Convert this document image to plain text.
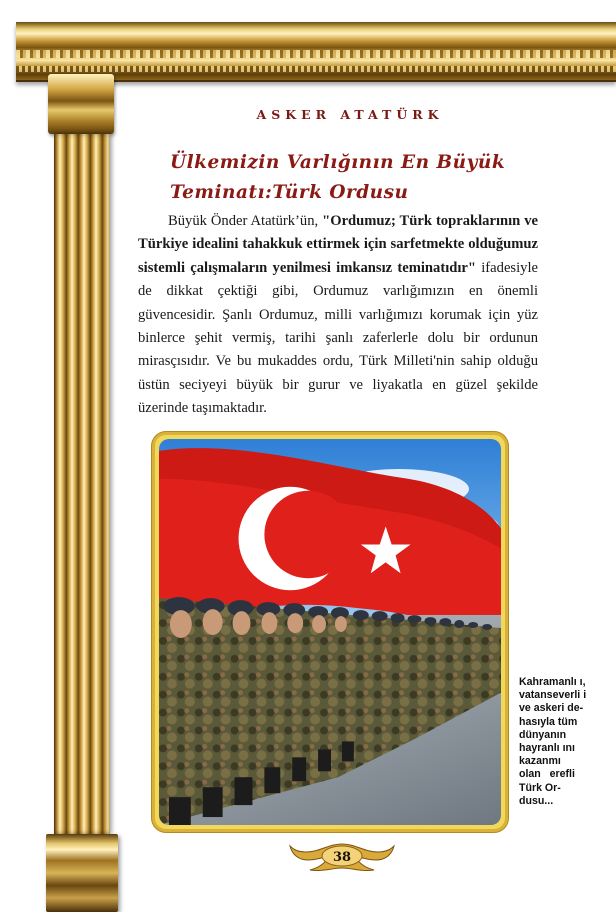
ASKER ATATÜRK
Ülkemizin Varlığının En Büyük
Teminatı:Türk Ordusu

Büyük Önder Atatürk’ün, "Ordumuz; Türk topraklarının ve Türkiye idealini tahakkuk ettirmek için sarfetmekte olduğumuz sistemli çalışmaların yenilmesi imkansız teminatıdır" ifadesiyle de dikkat çektiği gibi, Ordumuz varlığımızın en önemli güvencesidir. Şanlı Ordumuz, milli varlığımızı korumak için yüz binlerce şehit vermiş, tarihi şanlı zaferlerle dolu bir ordunun mirasçısıdır. Ve bu mukaddes ordu, Türk Milleti'nin sahip olduğu üstün seciyeyi büyük bir gurur ve liyakatla en güzel şekilde üzerinde taşımaktadır.

Kahramanlı ı,
vatanseverli i
ve askeri de-
hasıyla tüm
dünyanın
hayranlı ını
kazanmı
olan   erefli
Türk Or-
dusu...
38
